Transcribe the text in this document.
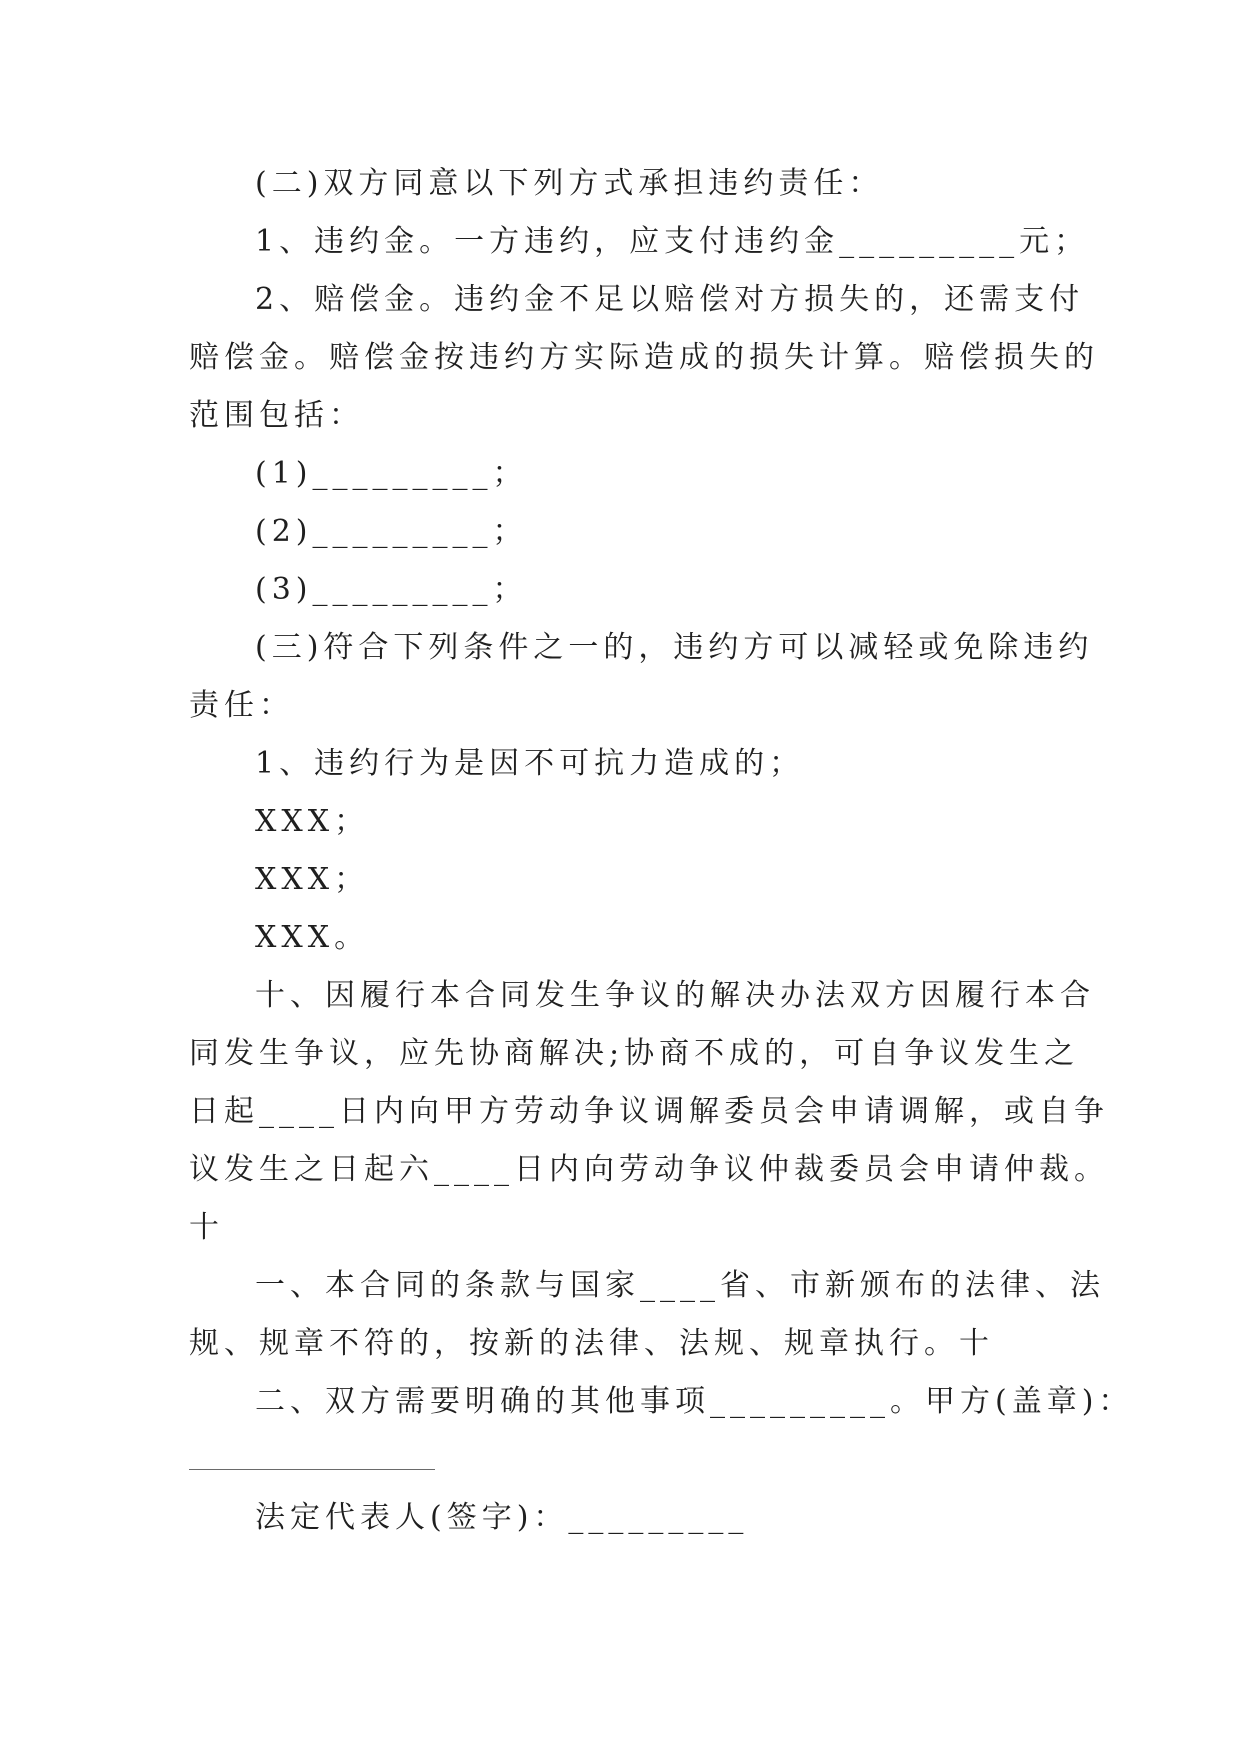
(二)双方同意以下列方式承担违约责任：

1、违约金。一方违约，应支付违约金_________元；

2、赔偿金。违约金不足以赔偿对方损失的，还需支付

赔偿金。赔偿金按违约方实际造成的损失计算。赔偿损失的

范围包括：

(1)_________；

(2)_________；

(3)_________；

(三)符合下列条件之一的，违约方可以减轻或免除违约

责任：

1、违约行为是因不可抗力造成的；

XXX；

XXX；

XXX。

十、因履行本合同发生争议的解决办法双方因履行本合

同发生争议，应先协商解决;协商不成的，可自争议发生之

日起____日内向甲方劳动争议调解委员会申请调解，或自争

议发生之日起六____日内向劳动争议仲裁委员会申请仲裁。

十

一、本合同的条款与国家____省、市新颁布的法律、法

规、规章不符的，按新的法律、法规、规章执行。十

二、双方需要明确的其他事项_________。甲方(盖章)：

法定代表人(签字)：_________
